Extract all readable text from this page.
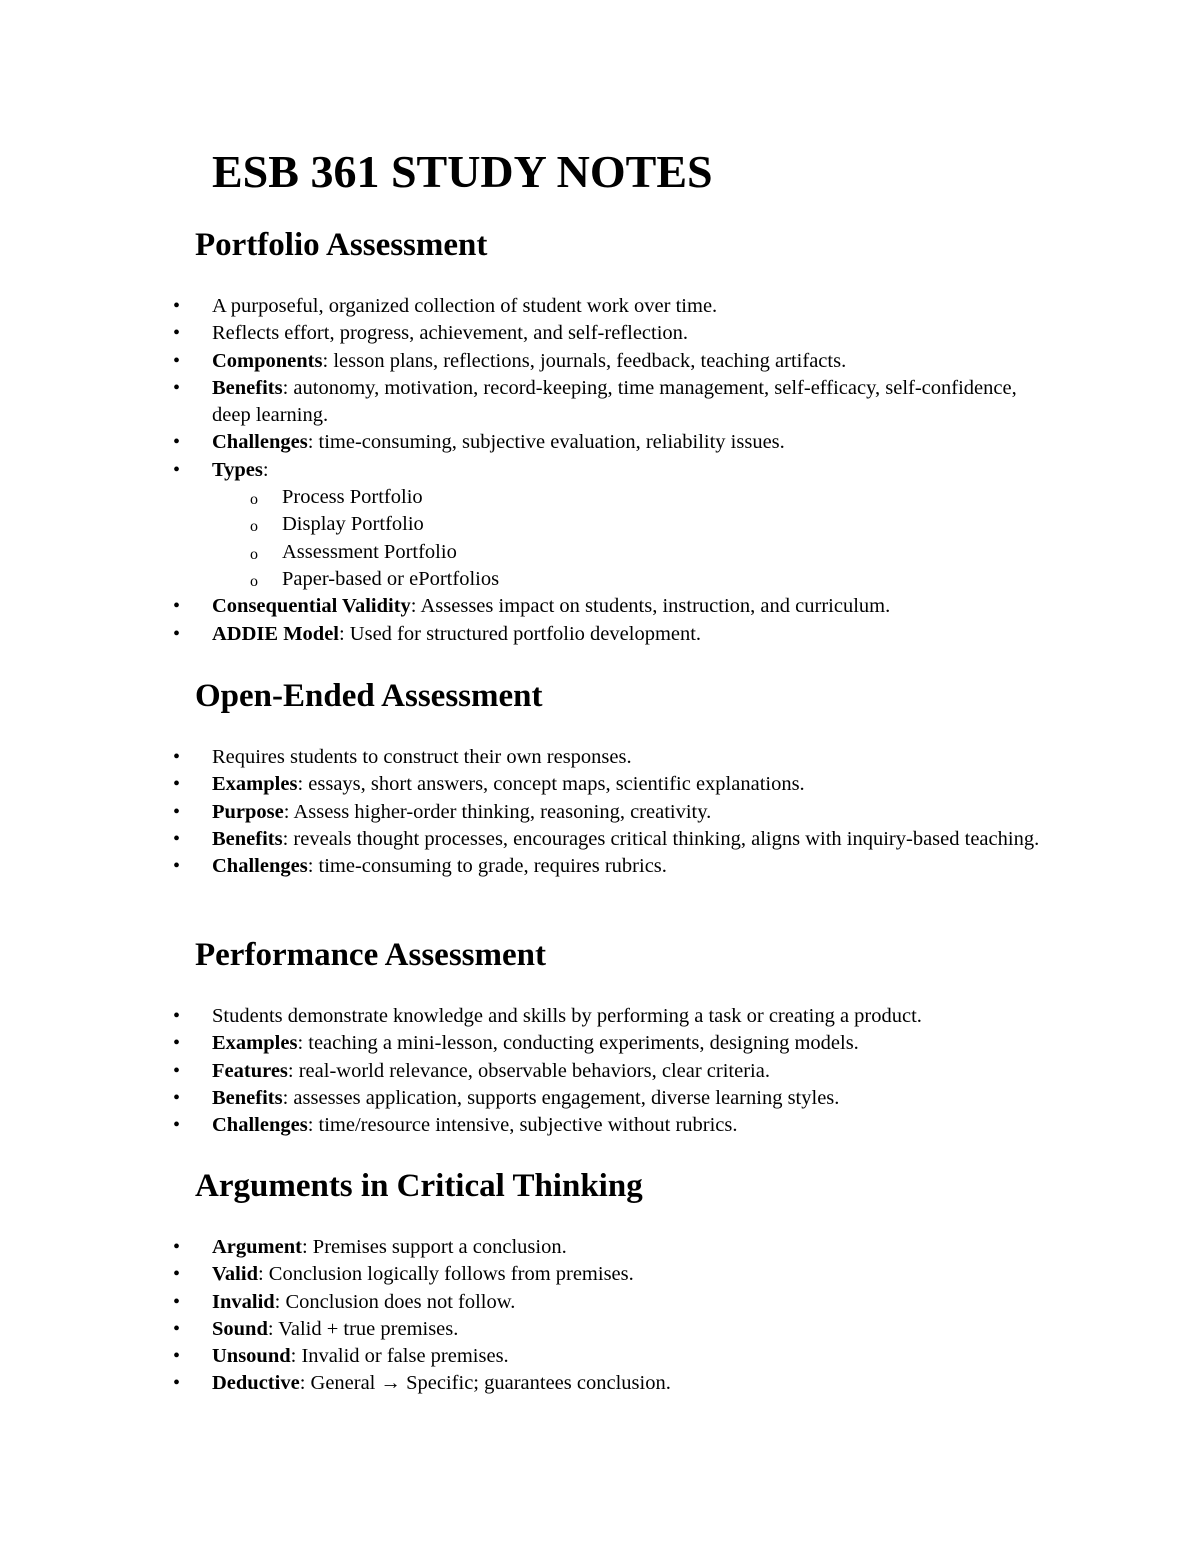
ESB 361 STUDY NOTES
Portfolio Assessment
• A purposeful, organized collection of student work over time.
• Reflects effort, progress, achievement, and self-reflection.
• Components: lesson plans, reflections, journals, feedback, teaching artifacts.
• Benefits: autonomy, motivation, record-keeping, time management, self-efficacy, self-confidence, deep learning.
• Challenges: time-consuming, subjective evaluation, reliability issues.
• Types:
o Process Portfolio
o Display Portfolio
o Assessment Portfolio
o Paper-based or ePortfolios
• Consequential Validity: Assesses impact on students, instruction, and curriculum.
• ADDIE Model: Used for structured portfolio development.
Open-Ended Assessment
• Requires students to construct their own responses.
• Examples: essays, short answers, concept maps, scientific explanations.
• Purpose: Assess higher-order thinking, reasoning, creativity.
• Benefits: reveals thought processes, encourages critical thinking, aligns with inquiry-based teaching.
• Challenges: time-consuming to grade, requires rubrics.
Performance Assessment
• Students demonstrate knowledge and skills by performing a task or creating a product.
• Examples: teaching a mini-lesson, conducting experiments, designing models.
• Features: real-world relevance, observable behaviors, clear criteria.
• Benefits: assesses application, supports engagement, diverse learning styles.
• Challenges: time/resource intensive, subjective without rubrics.
Arguments in Critical Thinking
• Argument: Premises support a conclusion.
• Valid: Conclusion logically follows from premises.
• Invalid: Conclusion does not follow.
• Sound: Valid + true premises.
• Unsound: Invalid or false premises.
• Deductive: General → Specific; guarantees conclusion.
